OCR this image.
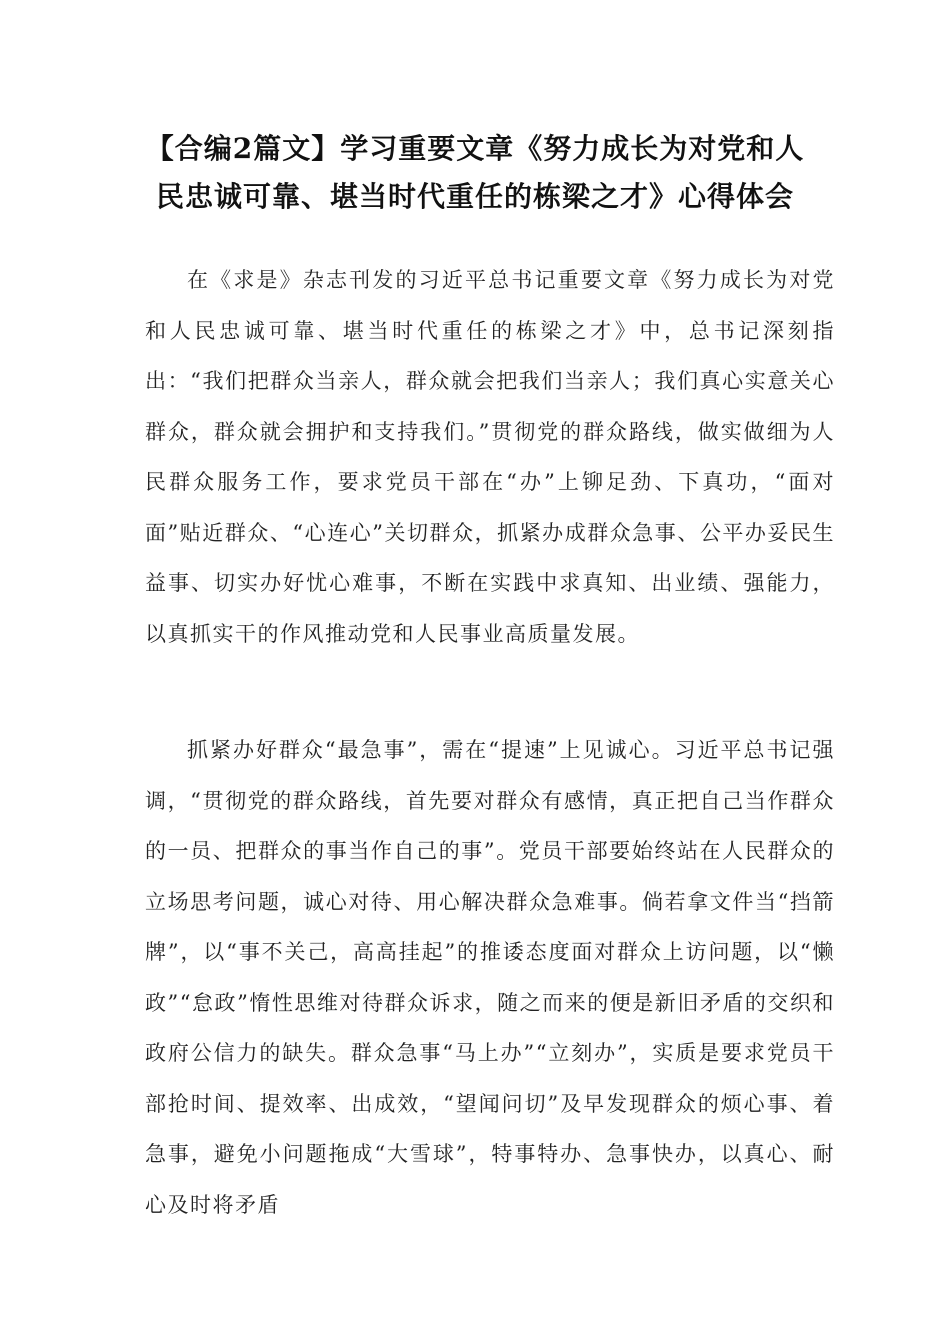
【合编2篇文】学习重要文章《努力成长为对党和人
民忠诚可靠、堪当时代重任的栋梁之才》心得体会

在《求是》杂志刊发的习近平总书记重要文章《努力成长为对党和人民忠诚可靠、堪当时代重任的栋梁之才》中，总书记深刻指出：“我们把群众当亲人，群众就会把我们当亲人；我们真心实意关心群众，群众就会拥护和支持我们。”贯彻党的群众路线，做实做细为人民群众服务工作，要求党员干部在“办”上铆足劲、下真功，“面对面”贴近群众、“心连心”关切群众，抓紧办成群众急事、公平办妥民生益事、切实办好忧心难事，不断在实践中求真知、出业绩、强能力，以真抓实干的作风推动党和人民事业高质量发展。

抓紧办好群众“最急事”，需在“提速”上见诚心。习近平总书记强调，“贯彻党的群众路线，首先要对群众有感情，真正把自己当作群众的一员、把群众的事当作自己的事”。党员干部要始终站在人民群众的立场思考问题，诚心对待、用心解决群众急难事。倘若拿文件当“挡箭牌”，以“事不关己，高高挂起”的推诿态度面对群众上访问题，以“懒政”“怠政”惰性思维对待群众诉求，随之而来的便是新旧矛盾的交织和政府公信力的缺失。群众急事“马上办”“立刻办”，实质是要求党员干部抢时间、提效率、出成效，“望闻问切”及早发现群众的烦心事、着急事，避免小问题拖成“大雪球”，特事特办、急事快办，以真心、耐心及时将矛盾
